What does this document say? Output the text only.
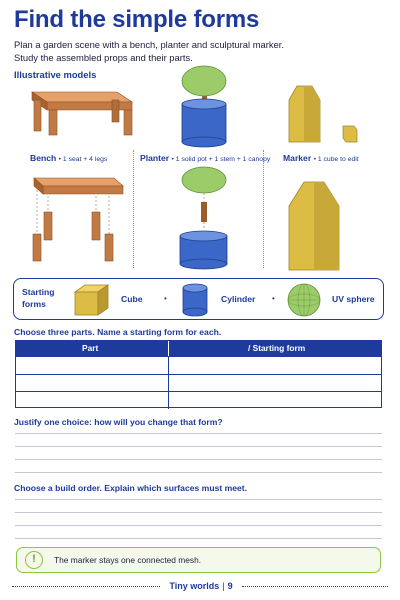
Find the simple forms
Plan a garden scene with a bench, planter and sculptural marker.
Study the assembled props and their parts.
Illustrative models
Bench • 1 seat + 4 legs	Planter • 1 solid pot + 1 stem + 1 canopy Marker • 1 cube to edit
Starting forms	Cube	•	Cylinder •	UV sphere
Choose three parts. Name a starting form for each.
Part	/ Starting form
Justify one choice: how will you change that form?
Choose a build order. Explain which surfaces must meet.
!	The marker stays one connected mesh.
Tiny worlds | 9
